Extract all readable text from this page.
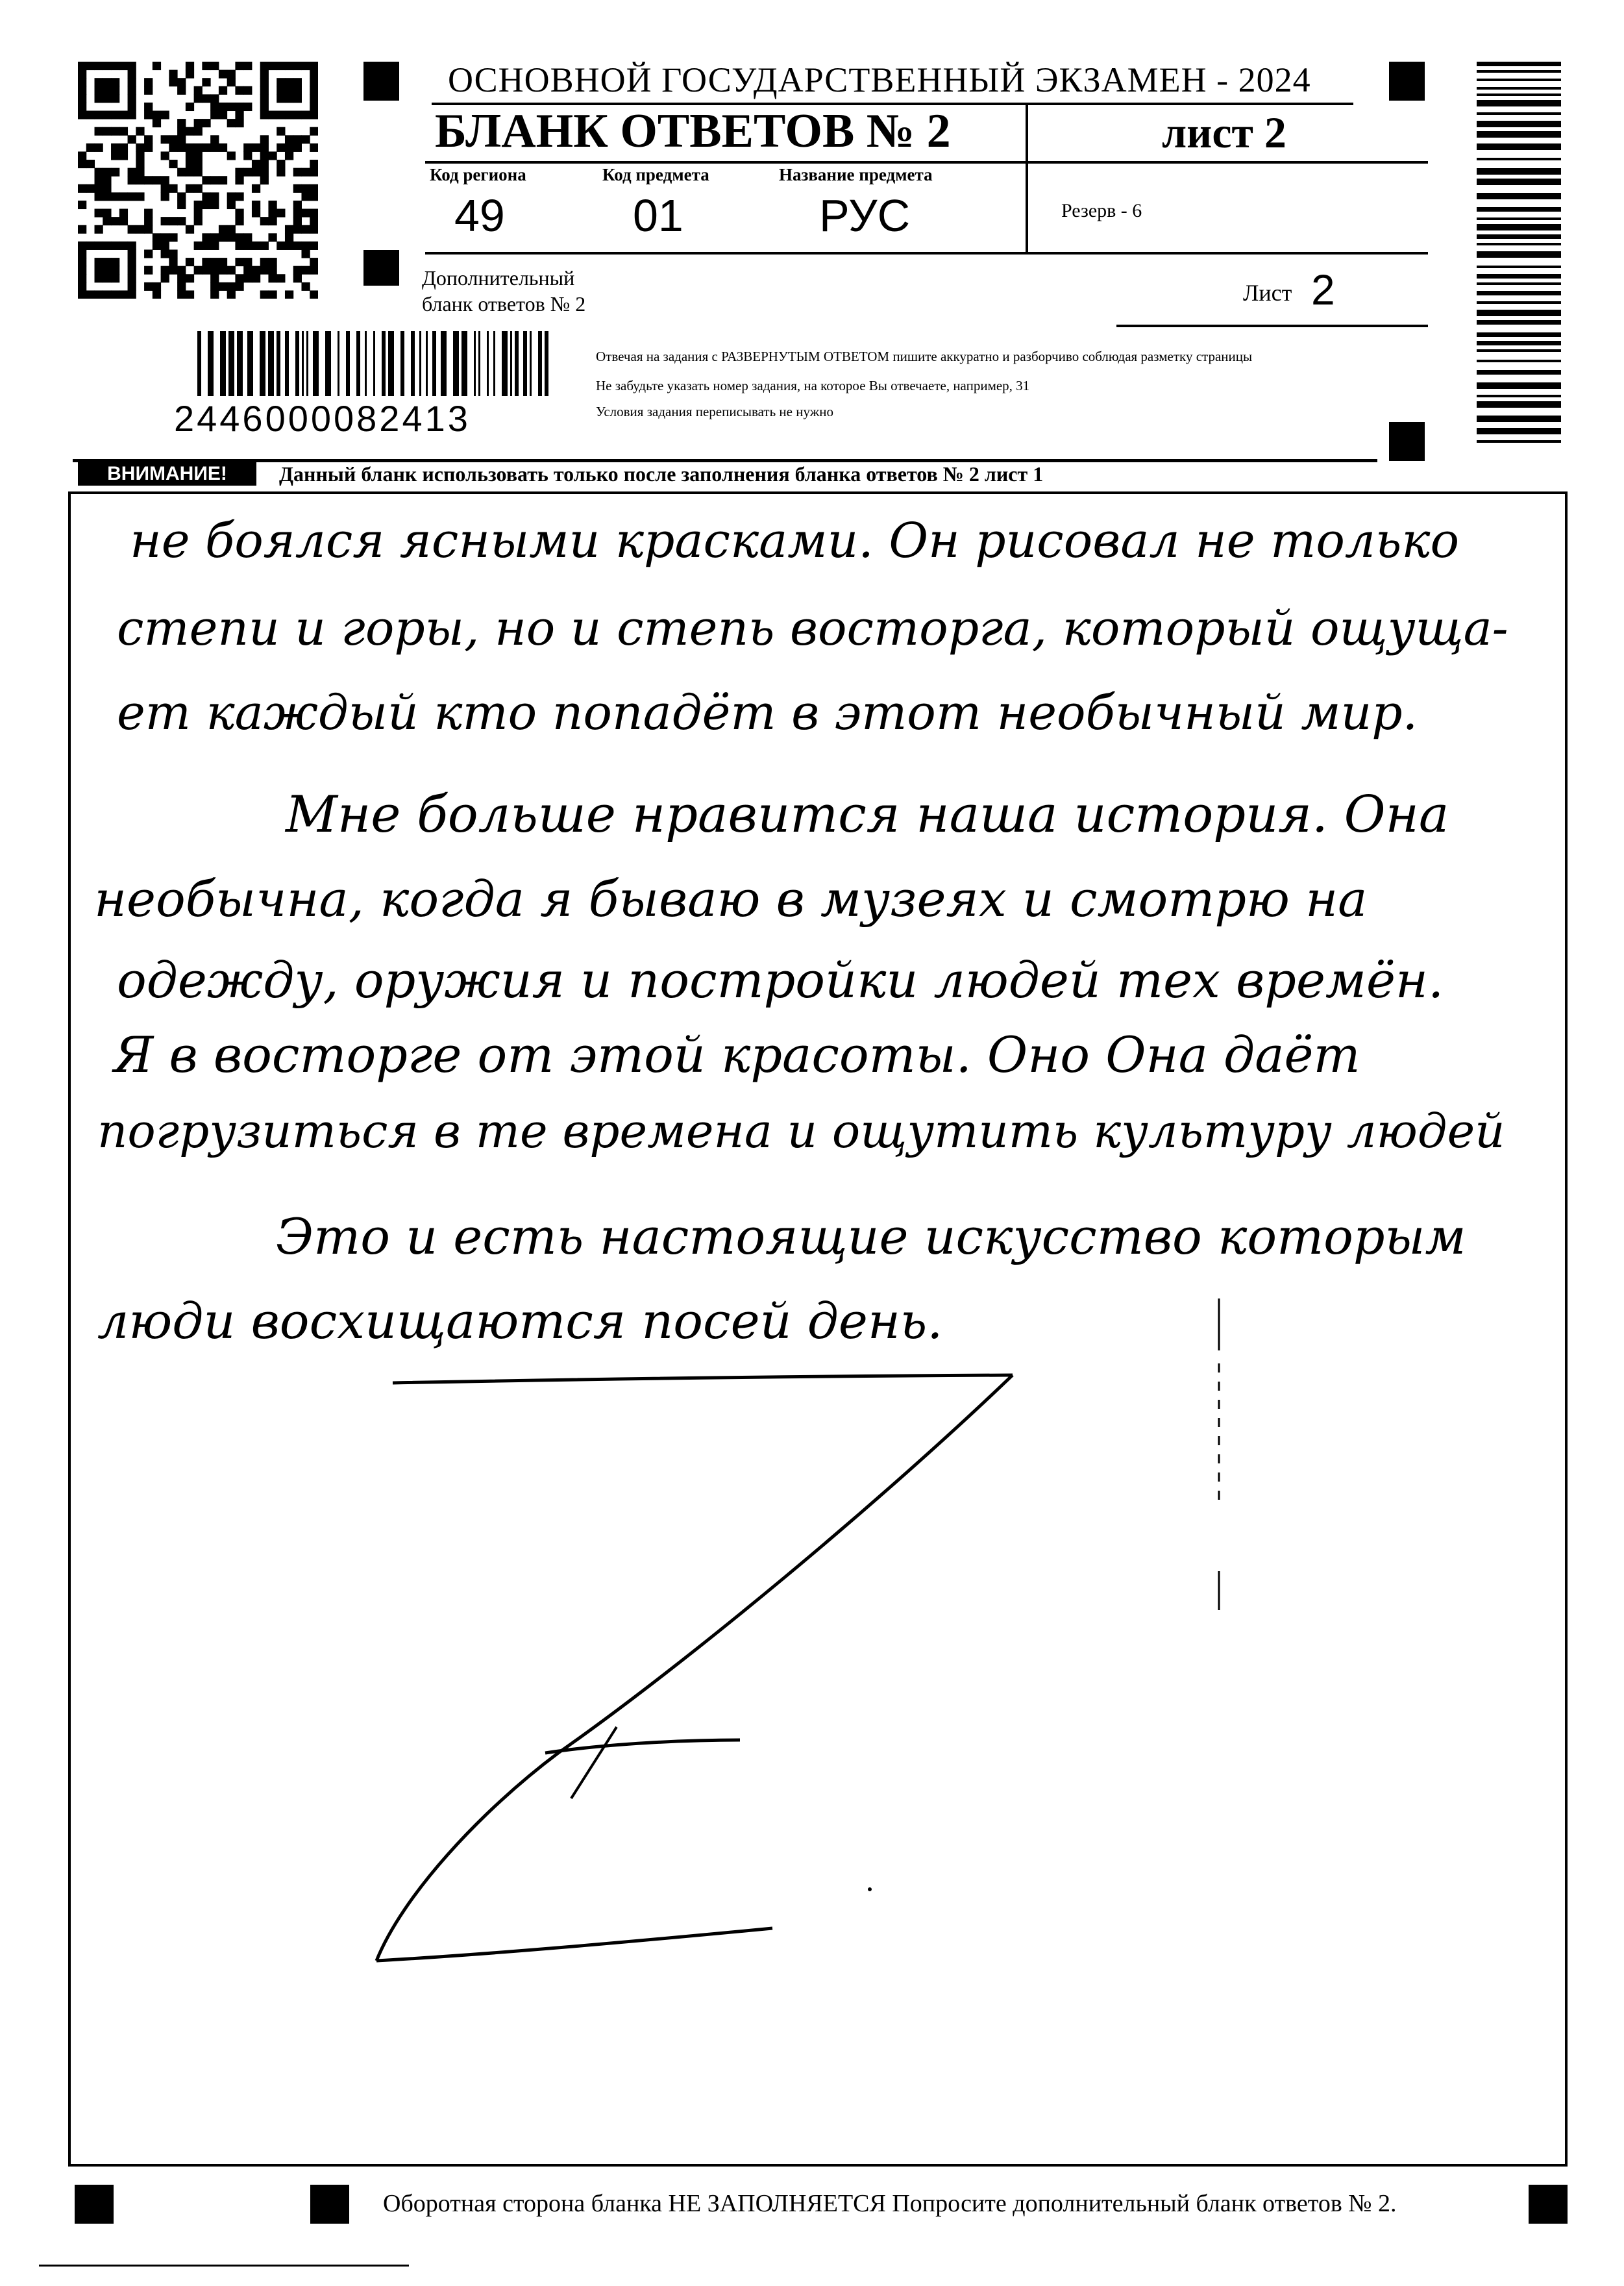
ОСНОВНОЙ ГОСУДАРСТВЕННЫЙ ЭКЗАМЕН - 2024
БЛАНК ОТВЕТОВ № 2	лист 2
Код региона
49
Код предмета
01
Название предмета
РУС	Резерв - 6
Дополнительный
бланк ответов № 2	Лист 2
2446000082413
Отвечая на задания с РАЗВЕРНУТЫМ ОТВЕТОМ пишите аккуратно и разборчиво соблюдая разметку страницы
Не забудьте указать номер задания, на которое Вы отвечаете, например, 31
Условия задания переписывать не нужно
ВНИМАНИЕ!	Данный бланк использовать только после заполнения бланка ответов № 2 лист 1
не боялся ясными красками. Он рисовал не только
степи и горы, но и степь восторга, который ощуща-
ет каждый кто попадёт в этот необычный мир.
Мне больше нравится наша история. Она
необычна, когда я бываю в музеях и смотрю на
одежду, оружия и постройки людей тех времён.
Я в восторге от этой красоты. Оно Она даёт
погрузиться в те времена и ощутить культуру людей
Это и есть настоящие искусство которым
люди восхищаются посей день.
Оборотная сторона бланка НЕ ЗАПОЛНЯЕТСЯ Попросите дополнительный бланк ответов № 2.
